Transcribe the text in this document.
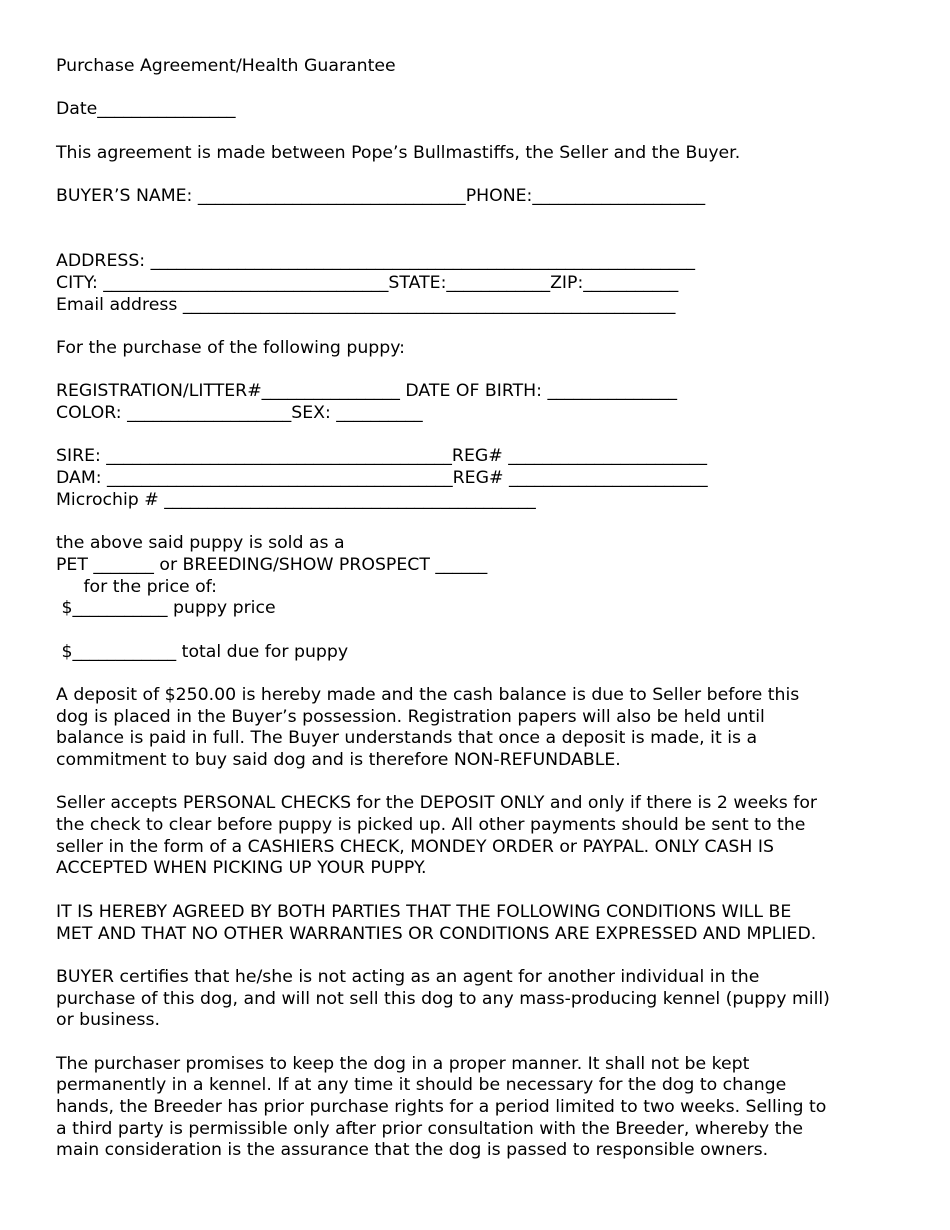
Purchase Agreement/Health Guarantee
Date________________
This agreement is made between Pope’s Bullmastiffs, the Seller and the Buyer.
BUYER’S NAME: _______________________________PHONE:____________________
ADDRESS: _______________________________________________________________
CITY: _________________________________STATE:____________ZIP:___________
Email address _________________________________________________________
For the purchase of the following puppy:
REGISTRATION/LITTER#________________ DATE OF BIRTH: _______________
COLOR: ___________________SEX: __________
SIRE: ________________________________________REG# _______________________
DAM: ________________________________________REG# _______________________
Microchip # ___________________________________________
the above said puppy is sold as a
PET _______ or BREEDING/SHOW PROSPECT ______
for the price of:
$___________ puppy price
$____________ total due for puppy
A deposit of $250.00 is hereby made and the cash balance is due to Seller before this
dog is placed in the Buyer’s possession. Registration papers will also be held until
balance is paid in full. The Buyer understands that once a deposit is made, it is a
commitment to buy said dog and is therefore NON-REFUNDABLE.
Seller accepts PERSONAL CHECKS for the DEPOSIT ONLY and only if there is 2 weeks for
the check to clear before puppy is picked up. All other payments should be sent to the
seller in the form of a CASHIERS CHECK, MONDEY ORDER or PAYPAL. ONLY CASH IS
ACCEPTED WHEN PICKING UP YOUR PUPPY.
IT IS HEREBY AGREED BY BOTH PARTIES THAT THE FOLLOWING CONDITIONS WILL BE
MET AND THAT NO OTHER WARRANTIES OR CONDITIONS ARE EXPRESSED AND MPLIED.
BUYER certifies that he/she is not acting as an agent for another individual in the
purchase of this dog, and will not sell this dog to any mass-producing kennel (puppy mill)
or business.
The purchaser promises to keep the dog in a proper manner. It shall not be kept
permanently in a kennel. If at any time it should be necessary for the dog to change
hands, the Breeder has prior purchase rights for a period limited to two weeks. Selling to
a third party is permissible only after prior consultation with the Breeder, whereby the
main consideration is the assurance that the dog is passed to responsible owners.
